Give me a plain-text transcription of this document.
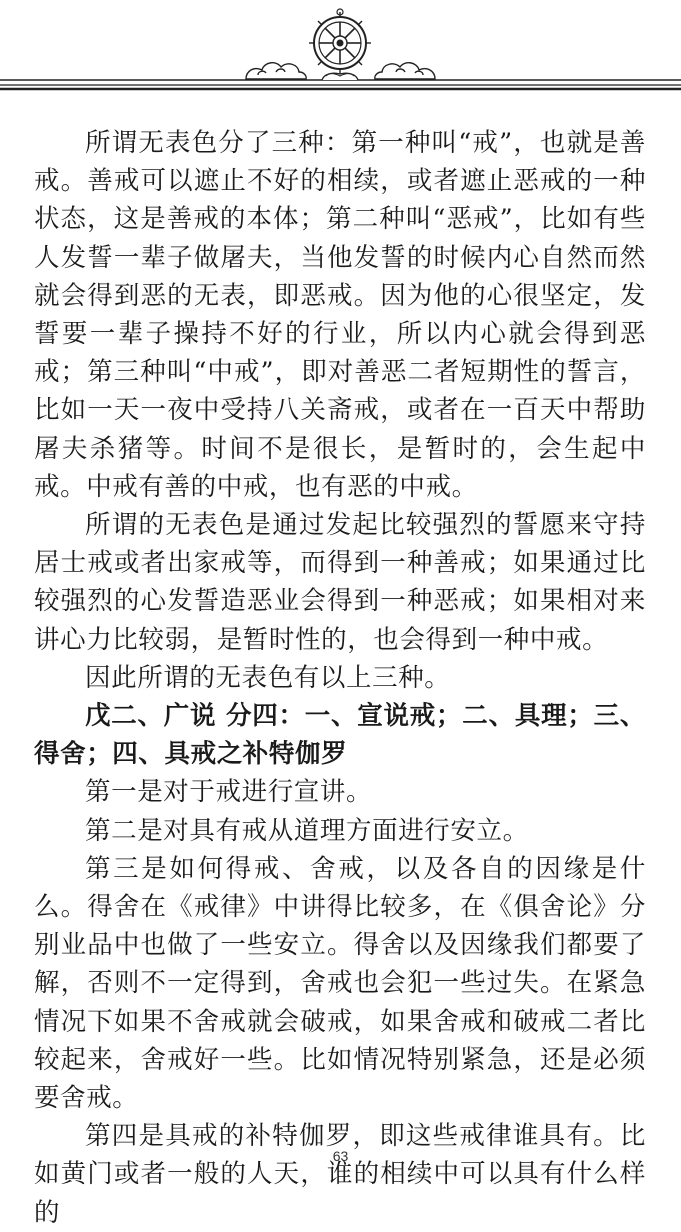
所谓无表色分了三种：第一种叫“戒”，也就是善戒。善戒可以遮止不好的相续，或者遮止恶戒的一种状态，这是善戒的本体；第二种叫“恶戒”，比如有些人发誓一辈子做屠夫，当他发誓的时候内心自然而然就会得到恶的无表，即恶戒。因为他的心很坚定，发誓要一辈子操持不好的行业，所以内心就会得到恶戒；第三种叫“中戒”，即对善恶二者短期性的誓言，比如一天一夜中受持八关斋戒，或者在一百天中帮助屠夫杀猪等。时间不是很长，是暂时的，会生起中戒。中戒有善的中戒，也有恶的中戒。

所谓的无表色是通过发起比较强烈的誓愿来守持居士戒或者出家戒等，而得到一种善戒；如果通过比较强烈的心发誓造恶业会得到一种恶戒；如果相对来讲心力比较弱，是暂时性的，也会得到一种中戒。

因此所谓的无表色有以上三种。

戊二、广说 分四：一、宣说戒；二、具理；三、得舍；四、具戒之补特伽罗

第一是对于戒进行宣讲。

第二是对具有戒从道理方面进行安立。

第三是如何得戒、舍戒，以及各自的因缘是什么。得舍在《戒律》中讲得比较多，在《俱舍论》分别业品中也做了一些安立。得舍以及因缘我们都要了解，否则不一定得到，舍戒也会犯一些过失。在紧急情况下如果不舍戒就会破戒，如果舍戒和破戒二者比较起来，舍戒好一些。比如情况特别紧急，还是必须要舍戒。

第四是具戒的补特伽罗，即这些戒律谁具有。比如黄门或者一般的人天，谁的相续中可以具有什么样的

63
